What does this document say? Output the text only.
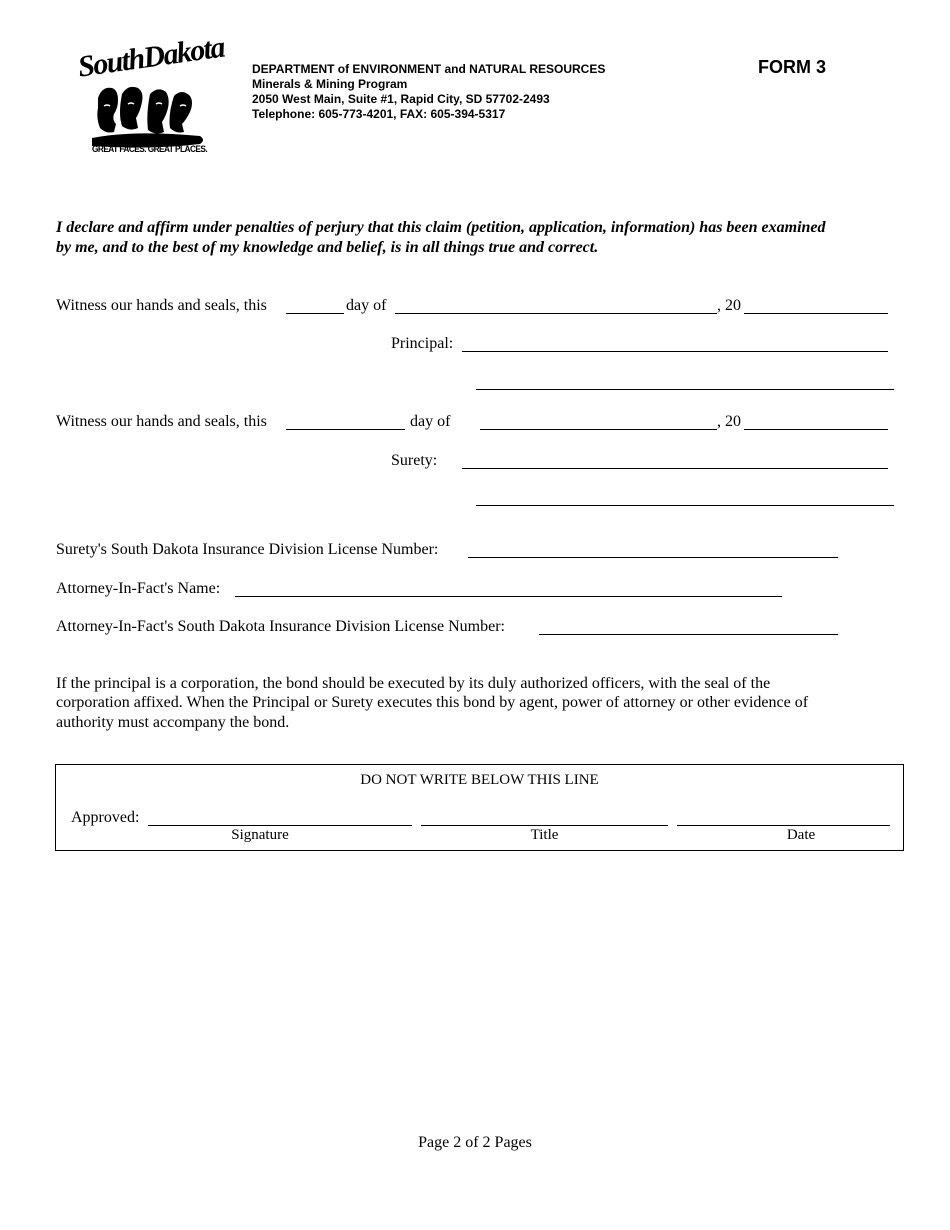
SouthDakota
GREAT FACES. GREAT PLACES.
®
DEPARTMENT of ENVIRONMENT and NATURAL RESOURCES
Minerals & Mining Program
2050 West Main, Suite #1, Rapid City, SD 57702-2493
Telephone: 605-773-4201, FAX: 605-394-5317
FORM 3
I declare and affirm under penalties of perjury that this claim (petition, application, information) has been examined
by me, and to the best of my knowledge and belief, is in all things true and correct.
Witness our hands and seals, this	day of	, 20
Principal:
Witness our hands and seals, this	day of	, 20
Surety:
Surety's South Dakota Insurance Division License Number:
Attorney-In-Fact's Name:
Attorney-In-Fact's South Dakota Insurance Division License Number:
If the principal is a corporation, the bond should be executed by its duly authorized officers, with the seal of the
corporation affixed. When the Principal or Surety executes this bond by agent, power of attorney or other evidence of
authority must accompany the bond.
DO NOT WRITE BELOW THIS LINE
Approved:
Signature	Title	Date
Page 2 of 2 Pages
